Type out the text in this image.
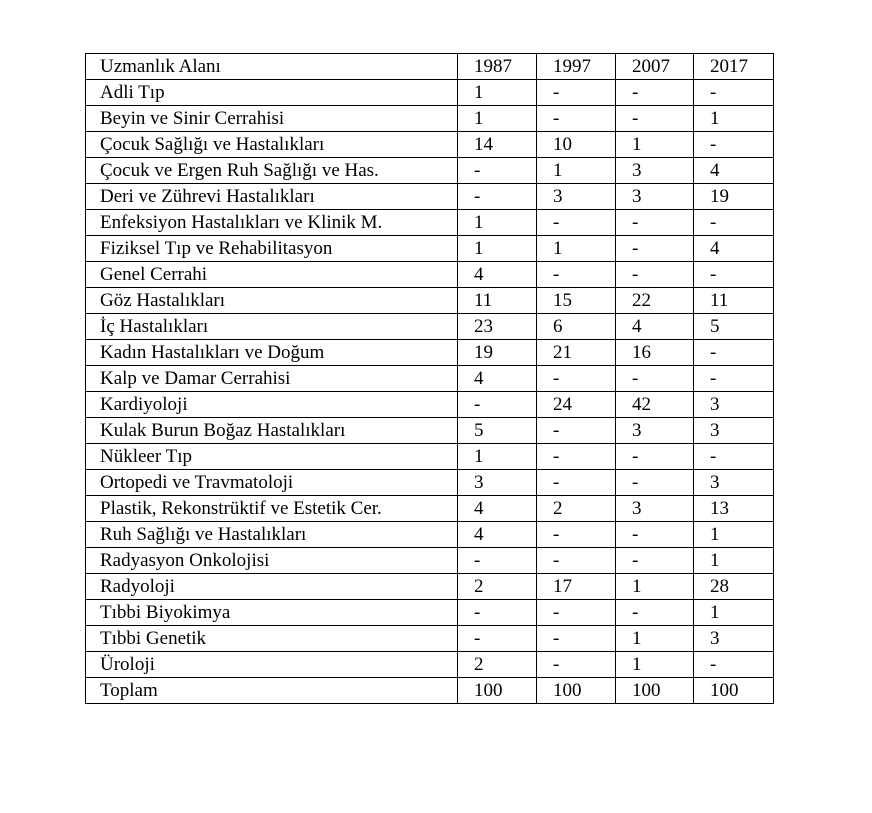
Uzmanlık Alanı	1987	1997	2007	2017
Adli Tıp	1	-	-	-
Beyin ve Sinir Cerrahisi	1	-	-	1
Çocuk Sağlığı ve Hastalıkları	14	10	1	-
Çocuk ve Ergen Ruh Sağlığı ve Has.	-	1	3	4
Deri ve Zührevi Hastalıkları	-	3	3	19
Enfeksiyon Hastalıkları ve Klinik M.	1	-	-	-
Fiziksel Tıp ve Rehabilitasyon	1	1	-	4
Genel Cerrahi	4	-	-	-
Göz Hastalıkları	11	15	22	11
İç Hastalıkları	23	6	4	5
Kadın Hastalıkları ve Doğum	19	21	16	-
Kalp ve Damar Cerrahisi	4	-	-	-
Kardiyoloji	-	24	42	3
Kulak Burun Boğaz Hastalıkları	5	-	3	3
Nükleer Tıp	1	-	-	-
Ortopedi ve Travmatoloji	3	-	-	3
Plastik, Rekonstrüktif ve Estetik Cer.	4	2	3	13
Ruh Sağlığı ve Hastalıkları	4	-	-	1
Radyasyon Onkolojisi	-	-	-	1
Radyoloji	2	17	1	28
Tıbbi Biyokimya	-	-	-	1
Tıbbi Genetik	-	-	1	3
Üroloji	2	-	1	-
Toplam	100	100	100	100
